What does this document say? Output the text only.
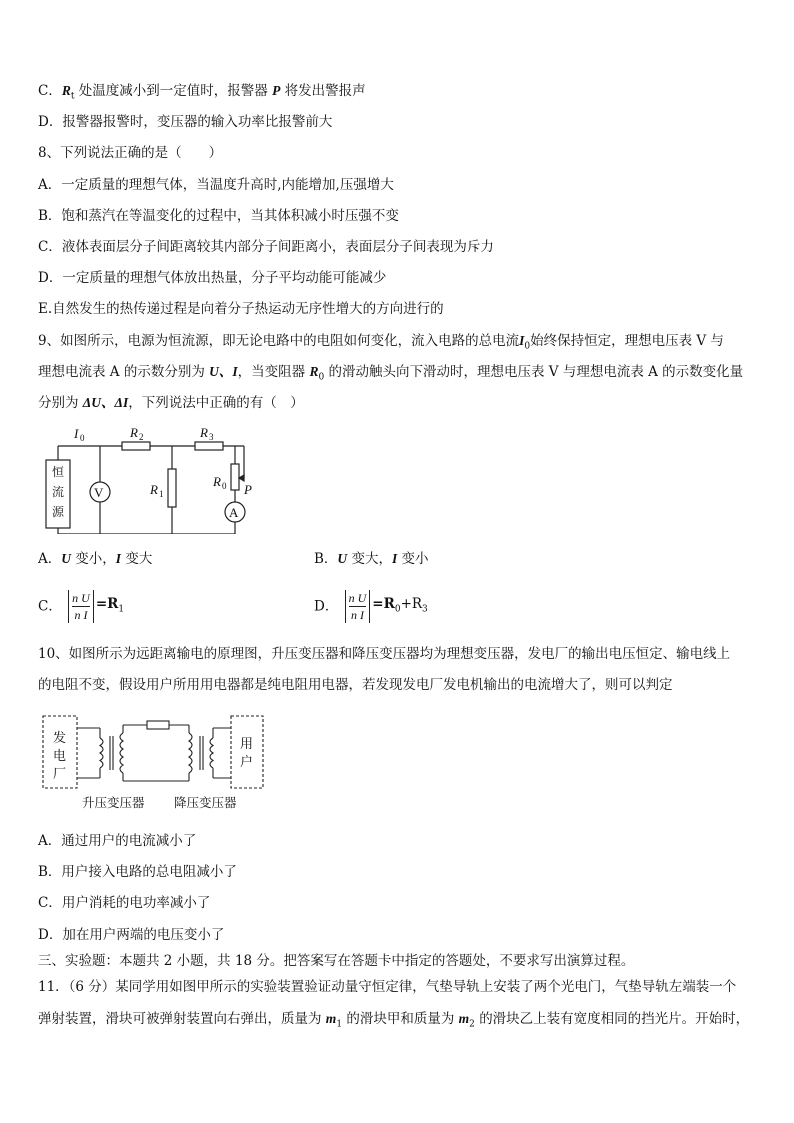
C．$R_t$ 处温度减小到一定值时，报警器 P 将发出警报声
D．报警器报警时，变压器的输入功率比报警前大
8、下列说法正确的是（　　）
A．一定质量的理想气体，当温度升高时,内能增加,压强增大
B．饱和蒸汽在等温变化的过程中，当其体积减小时压强不变
C．液体表面层分子间距离较其内部分子间距离小，表面层分子间表现为斥力
D．一定质量的理想气体放出热量，分子平均动能可能减少
E.自然发生的热传递过程是向着分子热运动无序性增大的方向进行的
9、如图所示，电源为恒流源，即无论电路中的电阻如何变化，流入电路的总电流$I_0$始终保持恒定，理想电压表 V 与
理想电流表 A 的示数分别为 U、I，当变阻器 $R_0$ 的滑动触头向下滑动时，理想电压表 V 与理想电流表 A 的示数变化量
分别为 ΔU、ΔI，下列说法中正确的有（　）
恒
流
源
V
A
I 0	R 2	R 3
R 1
R 0 P
A．U 变小，I 变大	B．U 变大，I 变小
C． $\frac{\text{n U}}{\text{n I}} =R_1$	D． $\frac{\text{n U}}{\text{n I}} =R_0+R_3$
10、如图所示为远距离输电的原理图，升压变压器和降压变压器均为理想变压器，发电厂的输出电压恒定、输电线上
的电阻不变，假设用户所用用电器都是纯电阻用电器，若发现发电厂发电机输出的电流增大了，则可以判定
发
电
厂
用
户
升压变压器 降压变压器
A．通过用户的电流减小了
B．用户接入电路的总电阻减小了
C．用户消耗的电功率减小了
D．加在用户两端的电压变小了
三、实验题：本题共 2 小题，共 18 分。把答案写在答题卡中指定的答题处，不要求写出演算过程。
11．（6 分）某同学用如图甲所示的实验装置验证动量守恒定律，气垫导轨上安装了两个光电门，气垫导轨左端装一个
弹射装置，滑块可被弹射装置向右弹出，质量为 $m_1$ 的滑块甲和质量为 $m_2$ 的滑块乙上装有宽度相同的挡光片。开始时，
